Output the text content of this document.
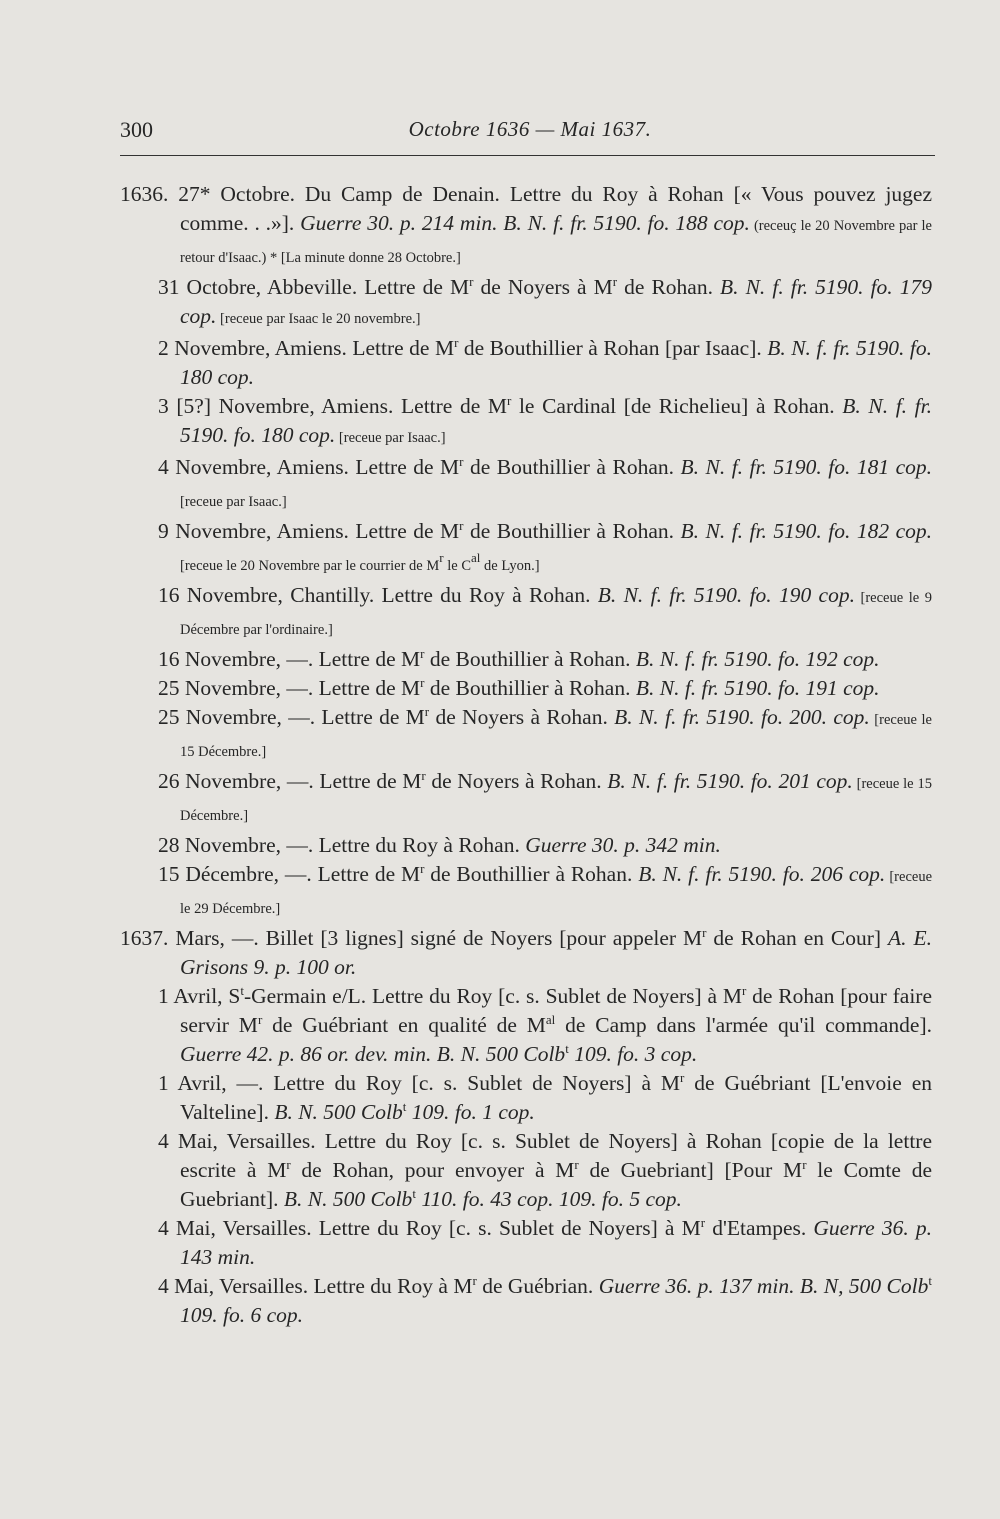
300	Octobre 1636 — Mai 1637.

1636. 27* Octobre. Du Camp de Denain. Lettre du Roy à Rohan [« Vous pouvez jugez comme. . .»]. Guerre 30. p. 214 min. B. N. f. fr. 5190. fo. 188 cop. (receuç le 20 Novembre par le retour d'Isaac.) * [La minute donne 28 Octobre.]

31 Octobre, Abbeville. Lettre de $M^r$ de Noyers à $M^r$ de Rohan. B. N. f. fr. 5190. fo. 179 cop. [receue par Isaac le 20 novembre.]

2 Novembre, Amiens. Lettre de $M^r$ de Bouthillier à Rohan [par Isaac]. B. N. f. fr. 5190. fo. 180 cop.

3 [5?] Novembre, Amiens. Lettre de $M^r$ le Cardinal [de Richelieu] à Rohan. B. N. f. fr. 5190. fo. 180 cop. [receue par Isaac.]

4 Novembre, Amiens. Lettre de $M^r$ de Bouthillier à Rohan. B. N. f. fr. 5190. fo. 181 cop. [receue par Isaac.]

9 Novembre, Amiens. Lettre de $M^r$ de Bouthillier à Rohan. B. N. f. fr. 5190. fo. 182 cop. [receue le 20 Novembre par le courrier de $M^r$ le $C^{al}$ de Lyon.]

16 Novembre, Chantilly. Lettre du Roy à Rohan. B. N. f. fr. 5190. fo. 190 cop. [receue le 9 Décembre par l'ordinaire.]

16 Novembre, —. Lettre de $M^r$ de Bouthillier à Rohan. B. N. f. fr. 5190. fo. 192 cop.

25 Novembre, —. Lettre de $M^r$ de Bouthillier à Rohan. B. N. f. fr. 5190. fo. 191 cop.

25 Novembre, —. Lettre de $M^r$ de Noyers à Rohan. B. N. f. fr. 5190. fo. 200. cop. [receue le 15 Décembre.]

26 Novembre, —. Lettre de $M^r$ de Noyers à Rohan. B. N. f. fr. 5190. fo. 201 cop. [receue le 15 Décembre.]

28 Novembre, —. Lettre du Roy à Rohan. Guerre 30. p. 342 min.

15 Décembre, —. Lettre de $M^r$ de Bouthillier à Rohan. B. N. f. fr. 5190. fo. 206 cop. [receue le 29 Décembre.]

1637. Mars, —. Billet [3 lignes] signé de Noyers [pour appeler $M^r$ de Rohan en Cour] A. E. Grisons 9. p. 100 or.

1 Avril, $S^t$-Germain e/L. Lettre du Roy [c. s. Sublet de Noyers] à $M^r$ de Rohan [pour faire servir $M^r$ de Guébriant en qualité de $M^{al}$ de Camp dans l'armée qu'il commande]. Guerre 42. p. 86 or. dev. min. B. N. 500 Colb$^t$ 109. fo. 3 cop.

1 Avril, —. Lettre du Roy [c. s. Sublet de Noyers] à $M^r$ de Guébriant [L'envoie en Valteline]. B. N. 500 Colb$^t$ 109. fo. 1 cop.

4 Mai, Versailles. Lettre du Roy [c. s. Sublet de Noyers] à Rohan [copie de la lettre escrite à $M^r$ de Rohan, pour envoyer à $M^r$ de Guebriant] [Pour $M^r$ le Comte de Guebriant]. B. N. 500 Colb$^t$ 110. fo. 43 cop. 109. fo. 5 cop.

4 Mai, Versailles. Lettre du Roy [c. s. Sublet de Noyers] à $M^r$ d'Etampes. Guerre 36. p. 143 min.

4 Mai, Versailles. Lettre du Roy à $M^r$ de Guébrian. Guerre 36. p. 137 min. B. N, 500 Colb$^t$ 109. fo. 6 cop.
